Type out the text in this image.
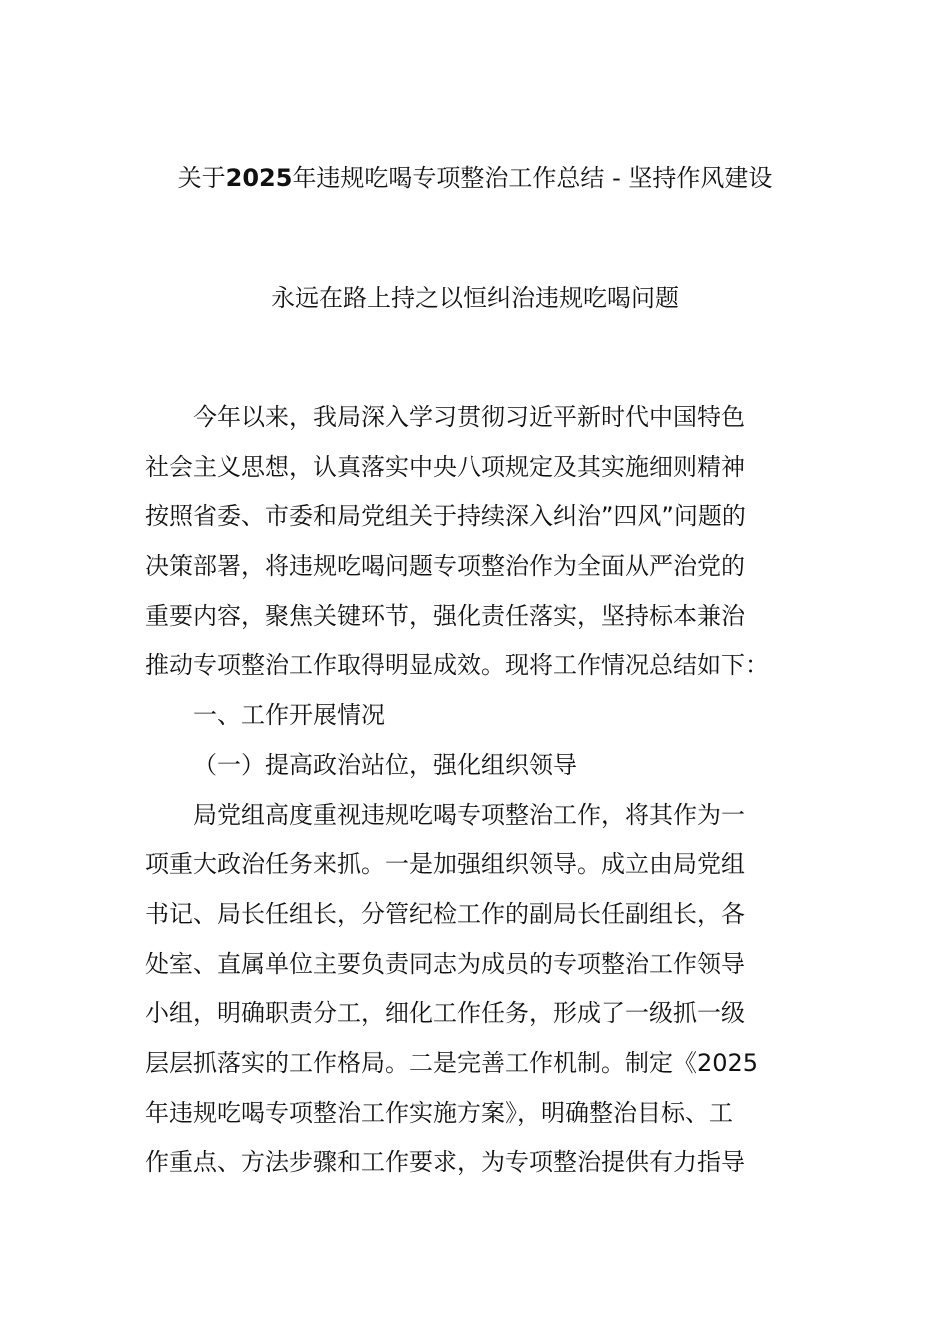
关于2025年违规吃喝专项整治工作总结 - 坚持作风建设
永远在路上持之以恒纠治违规吃喝问题
今年以来，我局深入学习贯彻习近平新时代中国特色
社会主义思想，认真落实中央八项规定及其实施细则精神
按照省委、市委和局党组关于持续深入纠治”四风”问题的
决策部署，将违规吃喝问题专项整治作为全面从严治党的
重要内容，聚焦关键环节，强化责任落实，坚持标本兼治
推动专项整治工作取得明显成效。现将工作情况总结如下：
一、工作开展情况
（一）提高政治站位，强化组织领导
局党组高度重视违规吃喝专项整治工作，将其作为一
项重大政治任务来抓。一是加强组织领导。成立由局党组
书记、局长任组长，分管纪检工作的副局长任副组长，各
处室、直属单位主要负责同志为成员的专项整治工作领导
小组，明确职责分工，细化工作任务，形成了一级抓一级
层层抓落实的工作格局。二是完善工作机制。制定《2025
年违规吃喝专项整治工作实施方案》，明确整治目标、工
作重点、方法步骤和工作要求，为专项整治提供有力指导
